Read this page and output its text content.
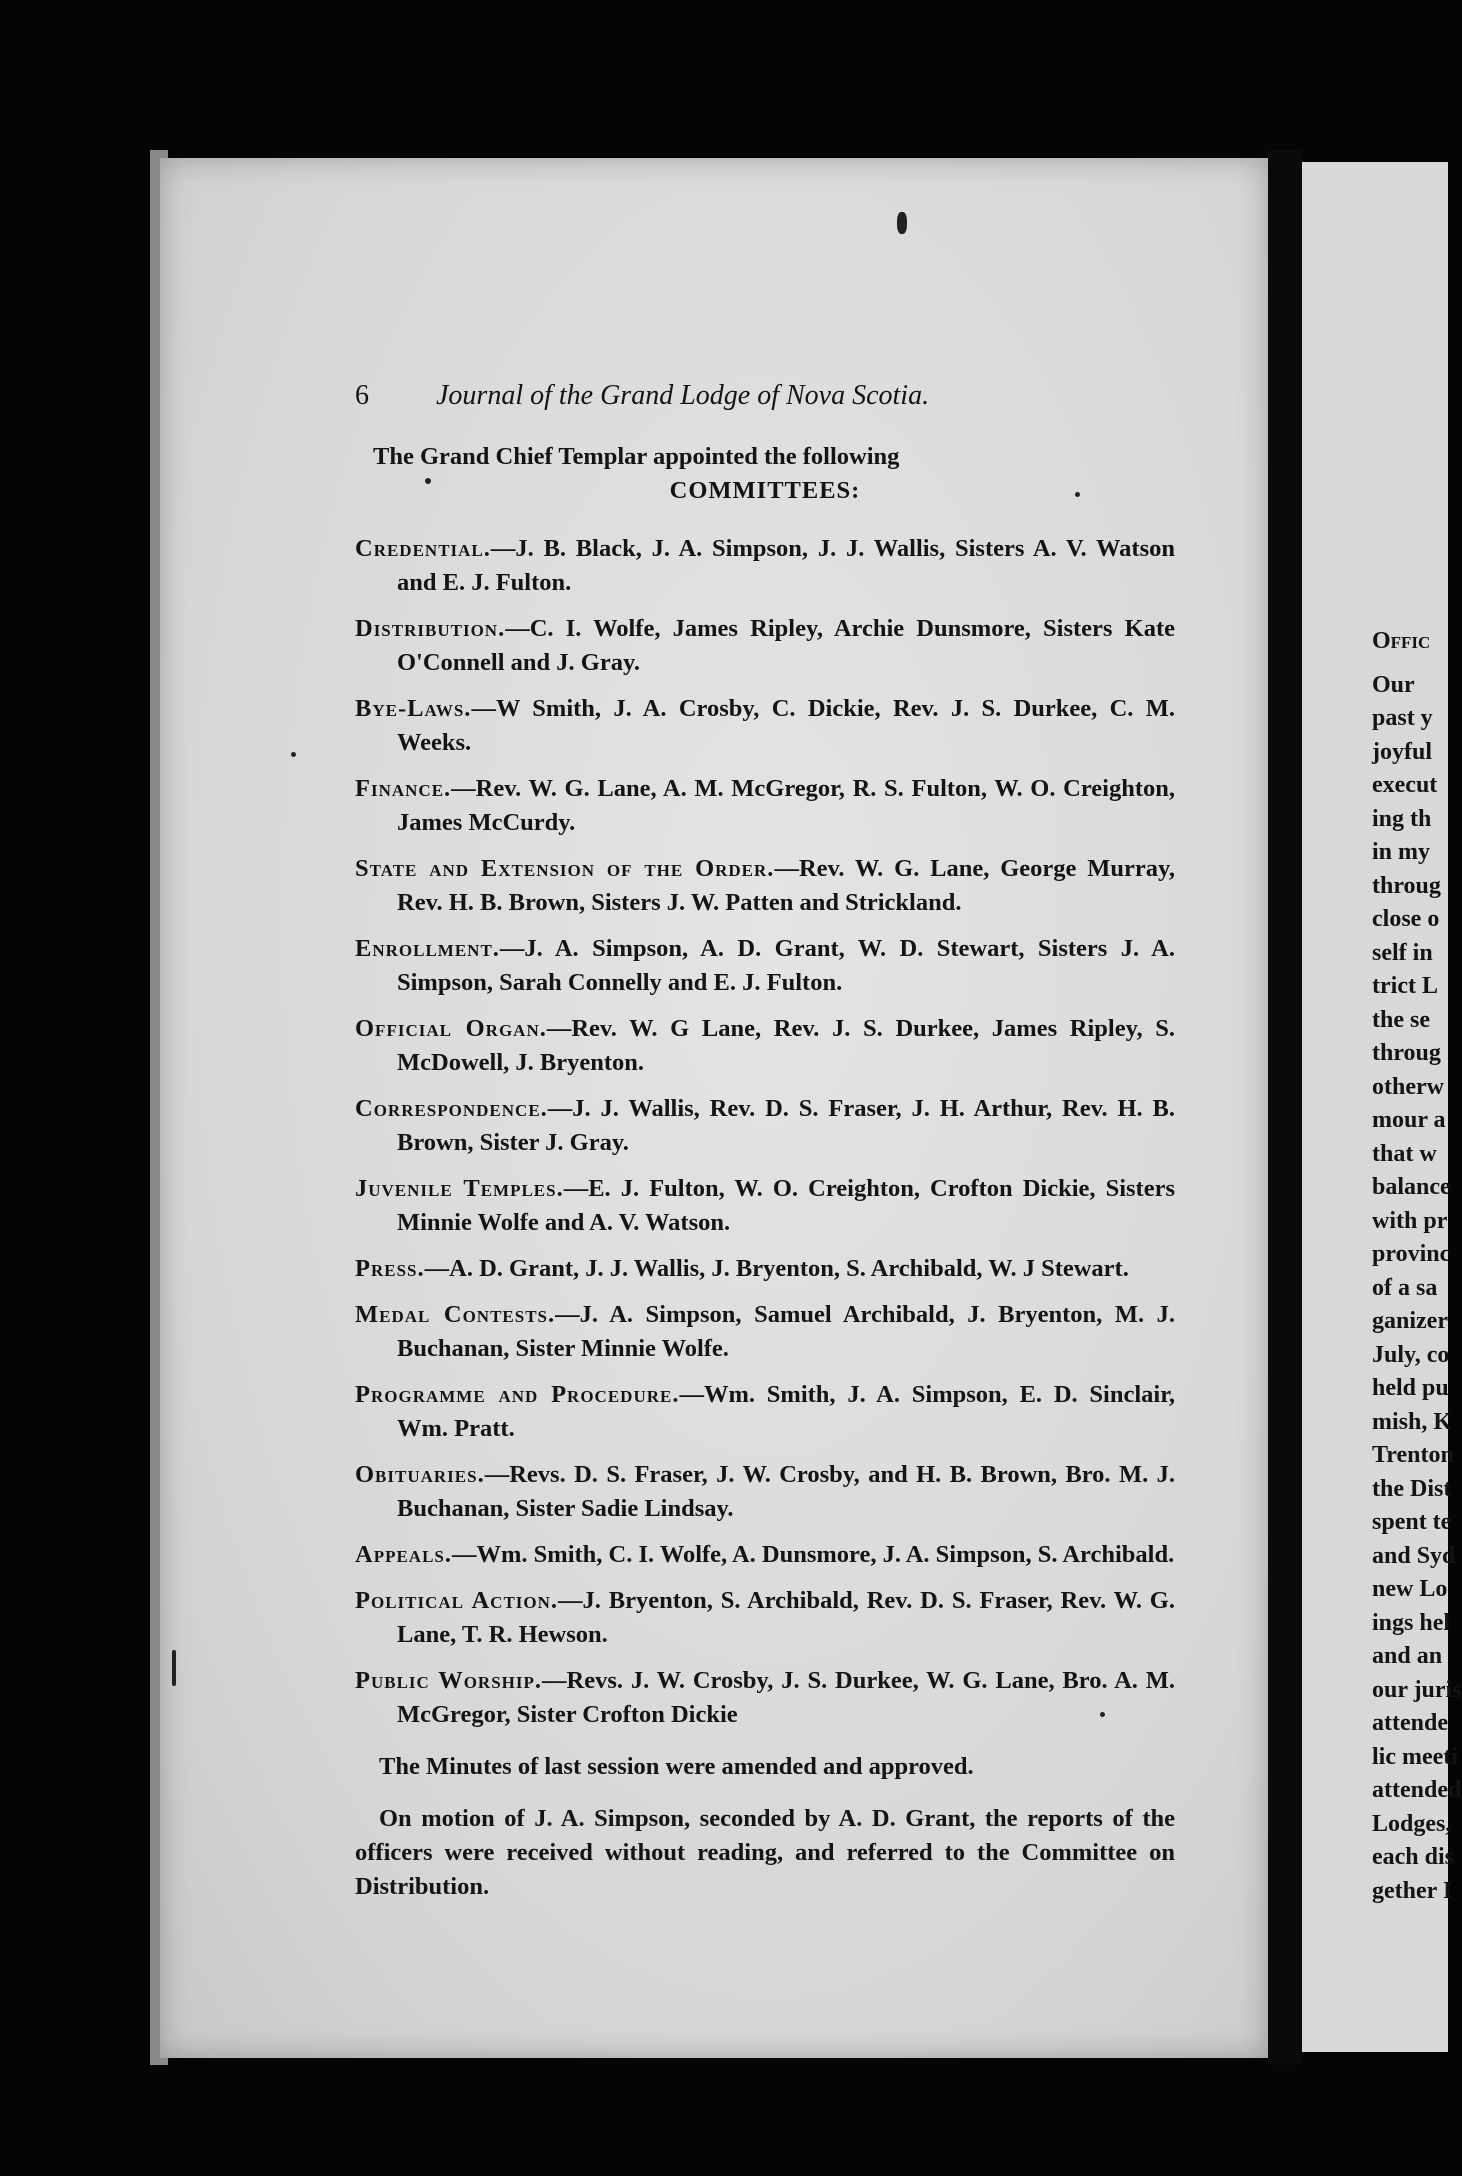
6 Journal of the Grand Lodge of Nova Scotia.

The Grand Chief Templar appointed the following

COMMITTEES:

Credential.—J. B. Black, J. A. Simpson, J. J. Wallis, Sisters A. V. Watson and E. J. Fulton.

Distribution.—C. I. Wolfe, James Ripley, Archie Dunsmore, Sisters Kate O'Connell and J. Gray.

Bye-Laws.—W Smith, J. A. Crosby, C. Dickie, Rev. J. S. Durkee, C. M. Weeks.

Finance.—Rev. W. G. Lane, A. M. McGregor, R. S. Fulton, W. O. Creighton, James McCurdy.

State and Extension of the Order.—Rev. W. G. Lane, George Murray, Rev. H. B. Brown, Sisters J. W. Patten and Strickland.

Enrollment.—J. A. Simpson, A. D. Grant, W. D. Stewart, Sisters J. A. Simpson, Sarah Connelly and E. J. Fulton.

Official Organ.—Rev. W. G Lane, Rev. J. S. Durkee, James Ripley, S. McDowell, J. Bryenton.

Correspondence.—J. J. Wallis, Rev. D. S. Fraser, J. H. Arthur, Rev. H. B. Brown, Sister J. Gray.

Juvenile Temples.—E. J. Fulton, W. O. Creighton, Crofton Dickie, Sisters Minnie Wolfe and A. V. Watson.

Press.—A. D. Grant, J. J. Wallis, J. Bryenton, S. Archibald, W. J Stewart.

Medal Contests.—J. A. Simpson, Samuel Archibald, J. Bryenton, M. J. Buchanan, Sister Minnie Wolfe.

Programme and Procedure.—Wm. Smith, J. A. Simpson, E. D. Sinclair, Wm. Pratt.

Obituaries.—Revs. D. S. Fraser, J. W. Crosby, and H. B. Brown, Bro. M. J. Buchanan, Sister Sadie Lindsay.

Appeals.—Wm. Smith, C. I. Wolfe, A. Dunsmore, J. A. Simpson, S. Archibald.

Political Action.—J. Bryenton, S. Archibald, Rev. D. S. Fraser, Rev. W. G. Lane, T. R. Hewson.

Public Worship.—Revs. J. W. Crosby, J. S. Durkee, W. G. Lane, Bro. A. M. McGregor, Sister Crofton Dickie

The Minutes of last session were amended and approved.

On motion of J. A. Simpson, seconded by A. D. Grant, the reports of the officers were received without reading, and referred to the Committee on Distribution.

Offic
Our
past y
joyful
execut
ing th
in my
throug
close o
self in
trict L
the se
throug
otherw
mour a
that w
balance
with pr
provinc
of a sa
ganizer
July, co
held pu
mish, K
Trenton
the Dist
spent te
and Syd
new Lo
ings hel
and an
our juris
attende
lic meeti
attended
Lodges,
each dis
gether I
